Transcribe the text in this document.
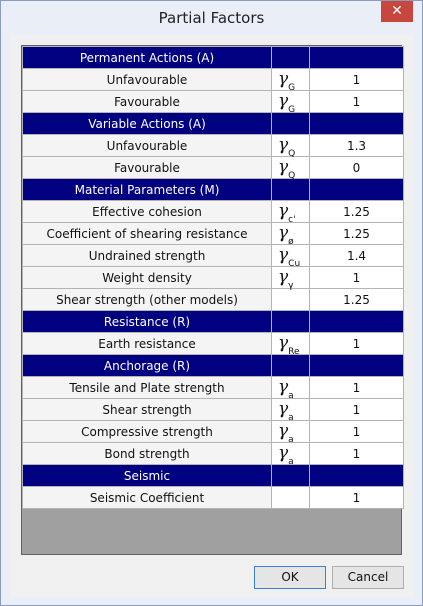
Partial Factors	✕
Permanent Actions (A)		
Unfavourable	$\gamma_G$	1
Favourable	$\gamma_G$	1
Variable Actions (A)		
Unfavourable	$\gamma_Q$	1.3
Favourable	$\gamma_Q$	0
Material Parameters (M)		
Effective cohesion	$\gamma_{c'}$	1.25
Coefficient of shearing resistance	$\gamma_ø$	1.25
Undrained strength	$\gamma_{Cu}$	1.4
Weight density	$\gamma_\gamma$	1
Shear strength (other models)		1.25
Resistance (R)		
Earth resistance	$\gamma_{Re}$	1
Anchorage (R)		
Tensile and Plate strength	$\gamma_a$	1
Shear strength	$\gamma_a$	1
Compressive strength	$\gamma_a$	1
Bond strength	$\gamma_a$	1
Seismic		
Seismic Coefficient		1
OK	Cancel
